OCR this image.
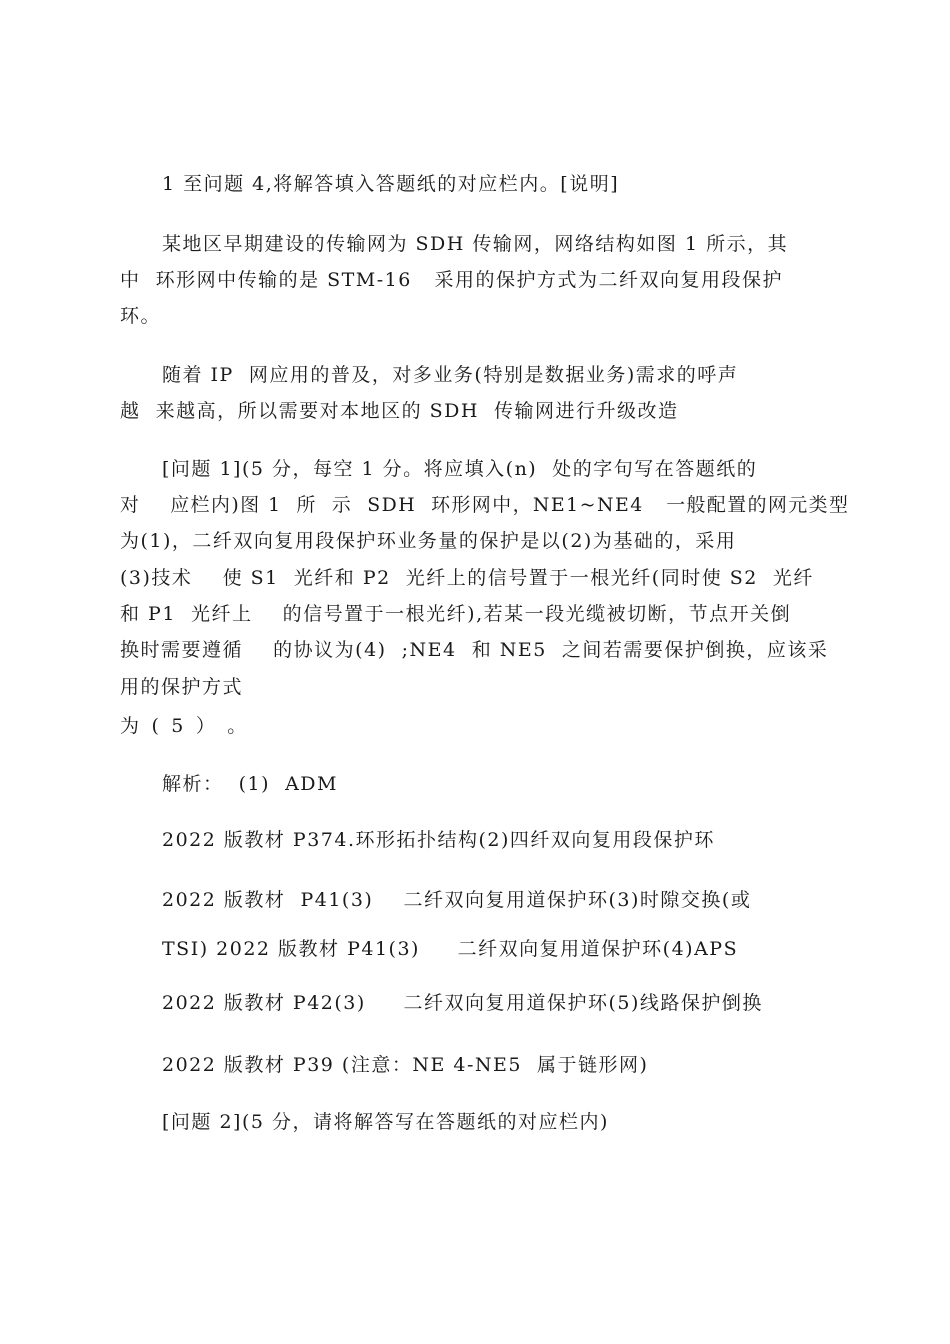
1 至问题 4,将解答填入答题纸的对应栏内。[说明]
某地区早期建设的传输网为 SDH 传输网，网络结构如图 1 所示，其
中  环形网中传输的是 STM-16   采用的保护方式为二纤双向复用段保护
环。
随着 IP  网应用的普及，对多业务(特别是数据业务)需求的呼声
越  来越高，所以需要对本地区的 SDH  传输网进行升级改造
[问题 1](5 分，每空 1 分。将应填入(n)  处的字句写在答题纸的
对    应栏内)图 1  所  示  SDH  环形网中，NE1~NE4   一般配置的网元类型
为(1)，二纤双向复用段保护环业务量的保护是以(2)为基础的，采用
(3)技术    使 S1  光纤和 P2  光纤上的信号置于一根光纤(同时使 S2  光纤
和 P1  光纤上    的信号置于一根光纤),若某一段光缆被切断，节点开关倒
换时需要遵循    的协议为(4)  ;NE4  和 NE5  之间若需要保护倒换，应该采
用的保护方式
为 ( 5 ） 。
解析：  (1)  ADM
2022 版教材 P374.环形拓扑结构(2)四纤双向复用段保护环
2022 版教材  P41(3)    二纤双向复用道保护环(3)时隙交换(或
TSI) 2022 版教材 P41(3)     二纤双向复用道保护环(4)APS
2022 版教材 P42(3)     二纤双向复用道保护环(5)线路保护倒换
2022 版教材 P39 (注意：NE 4-NE5  属于链形网)
[问题 2](5 分，请将解答写在答题纸的对应栏内)
